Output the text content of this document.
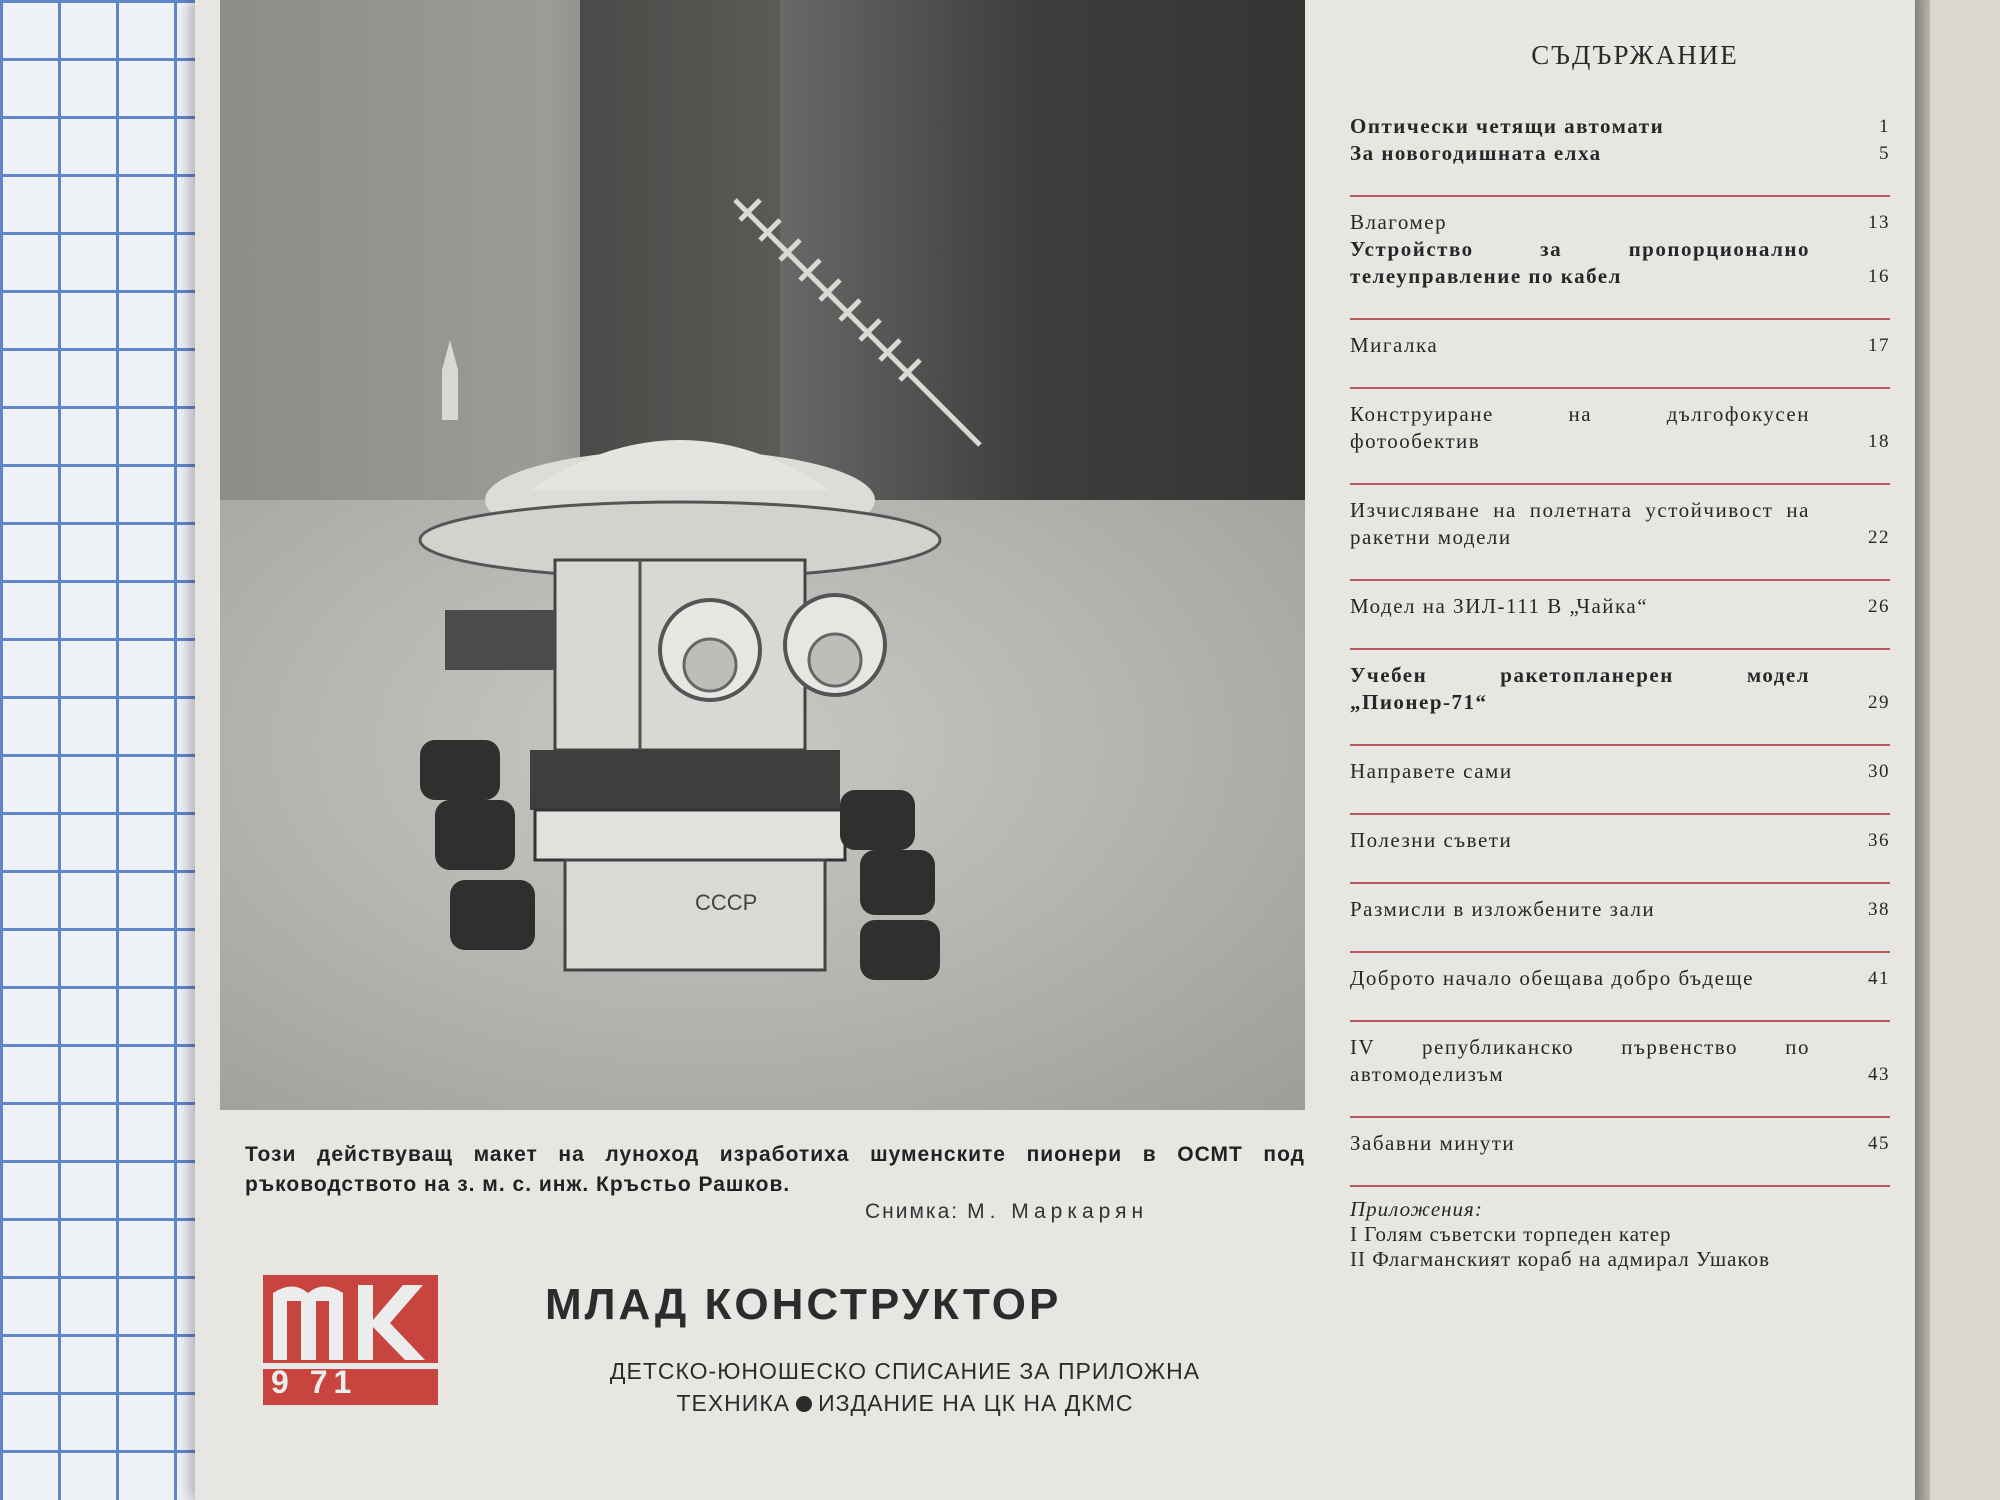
СССР
Този действуващ макет на луноход изработиха шуменските пионери в ОСМТ под ръководството на з. м. с. инж. Кръстьо Рашков.
Снимка: М. Маркарян
9 71
МЛАД КОНСТРУКТОР
ДЕТСКО-ЮНОШЕСКО СПИСАНИЕ ЗА ПРИЛОЖНА
ТЕХНИКА ИЗДАНИЕ НА ЦК НА ДКМС
СЪДЪРЖАНИЕ
Оптически четящи автомати	1
За новогодишната елха	5
Влагомер	13
Устройство за пропорционално телеуправление по кабел	16
Мигалка	17
Конструиране на дългофокусен фотообектив	18
Изчисляване на полетната устойчивост на ракетни модели	22
Модел на ЗИЛ-111 В „Чайка“	26
Учебен ракетопланерен модел „Пионер-71“	29
Направете сами	30
Полезни съвети	36
Размисли в изложбените зали	38
Доброто начало обещава добро бъдеще	41
IV републиканско първенство по автомоделизъм	43
Забавни минути	45
Приложения:
I Голям съветски торпеден катер
II Флагманският кораб на адмирал Ушаков
